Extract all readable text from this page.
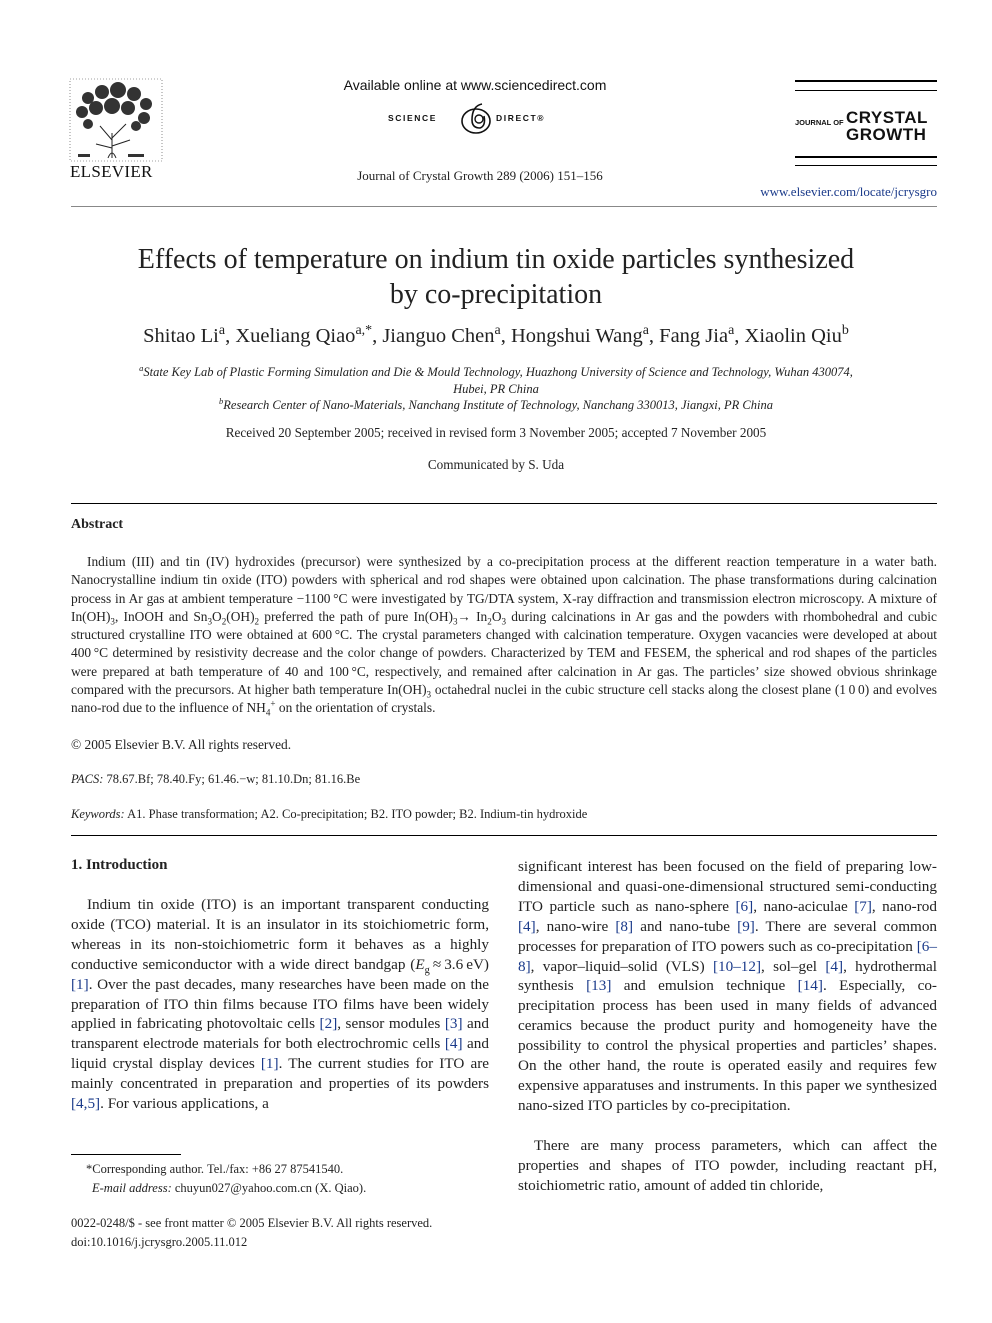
ELSEVIER
Available online at www.sciencedirect.com
SCIENCE	DIRECT®
Journal of Crystal Growth 289 (2006) 151–156
JOURNAL OF CRYSTAL
GROWTH
www.elsevier.com/locate/jcrysgro
Effects of temperature on indium tin oxide particles synthesized
by co-precipitation
Shitao Li$^a$, Xueliang Qiao$^{a,*}$, Jianguo Chen$^a$, Hongshui Wang$^a$, Fang Jia$^a$, Xiaolin Qiu$^b$
$^a$State Key Lab of Plastic Forming Simulation and Die & Mould Technology, Huazhong University of Science and Technology, Wuhan 430074,
Hubei, PR China
$^b$Research Center of Nano-Materials, Nanchang Institute of Technology, Nanchang 330013, Jiangxi, PR China
Received 20 September 2005; received in revised form 3 November 2005; accepted 7 November 2005
Communicated by S. Uda
Abstract
Indium (III) and tin (IV) hydroxides (precursor) were synthesized by a co-precipitation process at the different reaction temperature in a water bath. Nanocrystalline indium tin oxide (ITO) powders with spherical and rod shapes were obtained upon calcination. The phase transformations during calcination process in Ar gas at ambient temperature −1100 °C were investigated by TG/DTA system, X-ray diffraction and transmission electron microscopy. A mixture of $In(OH)_3$, InOOH and $Sn_3O_2(OH)_2$ preferred the path of pure $In(OH)_3\to In_2O_3$ during calcinations in Ar gas and the powders with rhombohedral and cubic structured crystalline ITO were obtained at 600 °C. The crystal parameters changed with calcination temperature. Oxygen vacancies were developed at about 400 °C determined by resistivity decrease and the color change of powders. Characterized by TEM and FESEM, the spherical and rod shapes of the particles were prepared at bath temperature of 40 and 100 °C, respectively, and remained after calcination in Ar gas. The particles’ size showed obvious shrinkage compared with the precursors. At higher bath temperature $In(OH)_3$ octahedral nuclei in the cubic structure cell stacks along the closest plane (1 0 0) and evolves nano-rod due to the influence of $NH_4^+$ on the orientation of crystals.
© 2005 Elsevier B.V. All rights reserved.
PACS: 78.67.Bf; 78.40.Fy; 61.46.−w; 81.10.Dn; 81.16.Be
Keywords: A1. Phase transformation; A2. Co-precipitation; B2. ITO powder; B2. Indium-tin hydroxide
1. Introduction
Indium tin oxide (ITO) is an important transparent conducting oxide (TCO) material. It is an insulator in its stoichiometric form, whereas in its non-stoichiometric form it behaves as a highly conductive semiconductor with a wide direct bandgap ($E_g \approx 3.6$ eV) [1]. Over the past decades, many researches have been made on the preparation of ITO thin films because ITO films have been widely applied in fabricating photovoltaic cells [2], sensor modules [3] and transparent electrode materials for both electrochromic cells [4] and liquid crystal display devices [1]. The current studies for ITO are mainly concentrated in preparation and properties of its powders [4,5]. For various applications, a
significant interest has been focused on the field of preparing low-dimensional and quasi-one-dimensional structured semi-conducting ITO particle such as nano-sphere [6], nano-aciculae [7], nano-rod [4], nano-wire [8] and nano-tube [9]. There are several common processes for preparation of ITO powers such as co-precipitation [6–8], vapor–liquid–solid (VLS) [10–12], sol–gel [4], hydrothermal synthesis [13] and emulsion technique [14]. Especially, co-precipitation process has been used in many fields of advanced ceramics because the product purity and homogeneity have the possibility to control the physical properties and particles’ shapes. On the other hand, the route is operated easily and requires few expensive apparatuses and instruments. In this paper we synthesized nano-sized ITO particles by co-precipitation.
There are many process parameters, which can affect the properties and shapes of ITO powder, including reactant pH, stoichiometric ratio, amount of added tin chloride,
*Corresponding author. Tel./fax: +86 27 87541540.
E-mail address: chuyun027@yahoo.com.cn (X. Qiao).
0022-0248/$ - see front matter © 2005 Elsevier B.V. All rights reserved.
doi:10.1016/j.jcrysgro.2005.11.012
